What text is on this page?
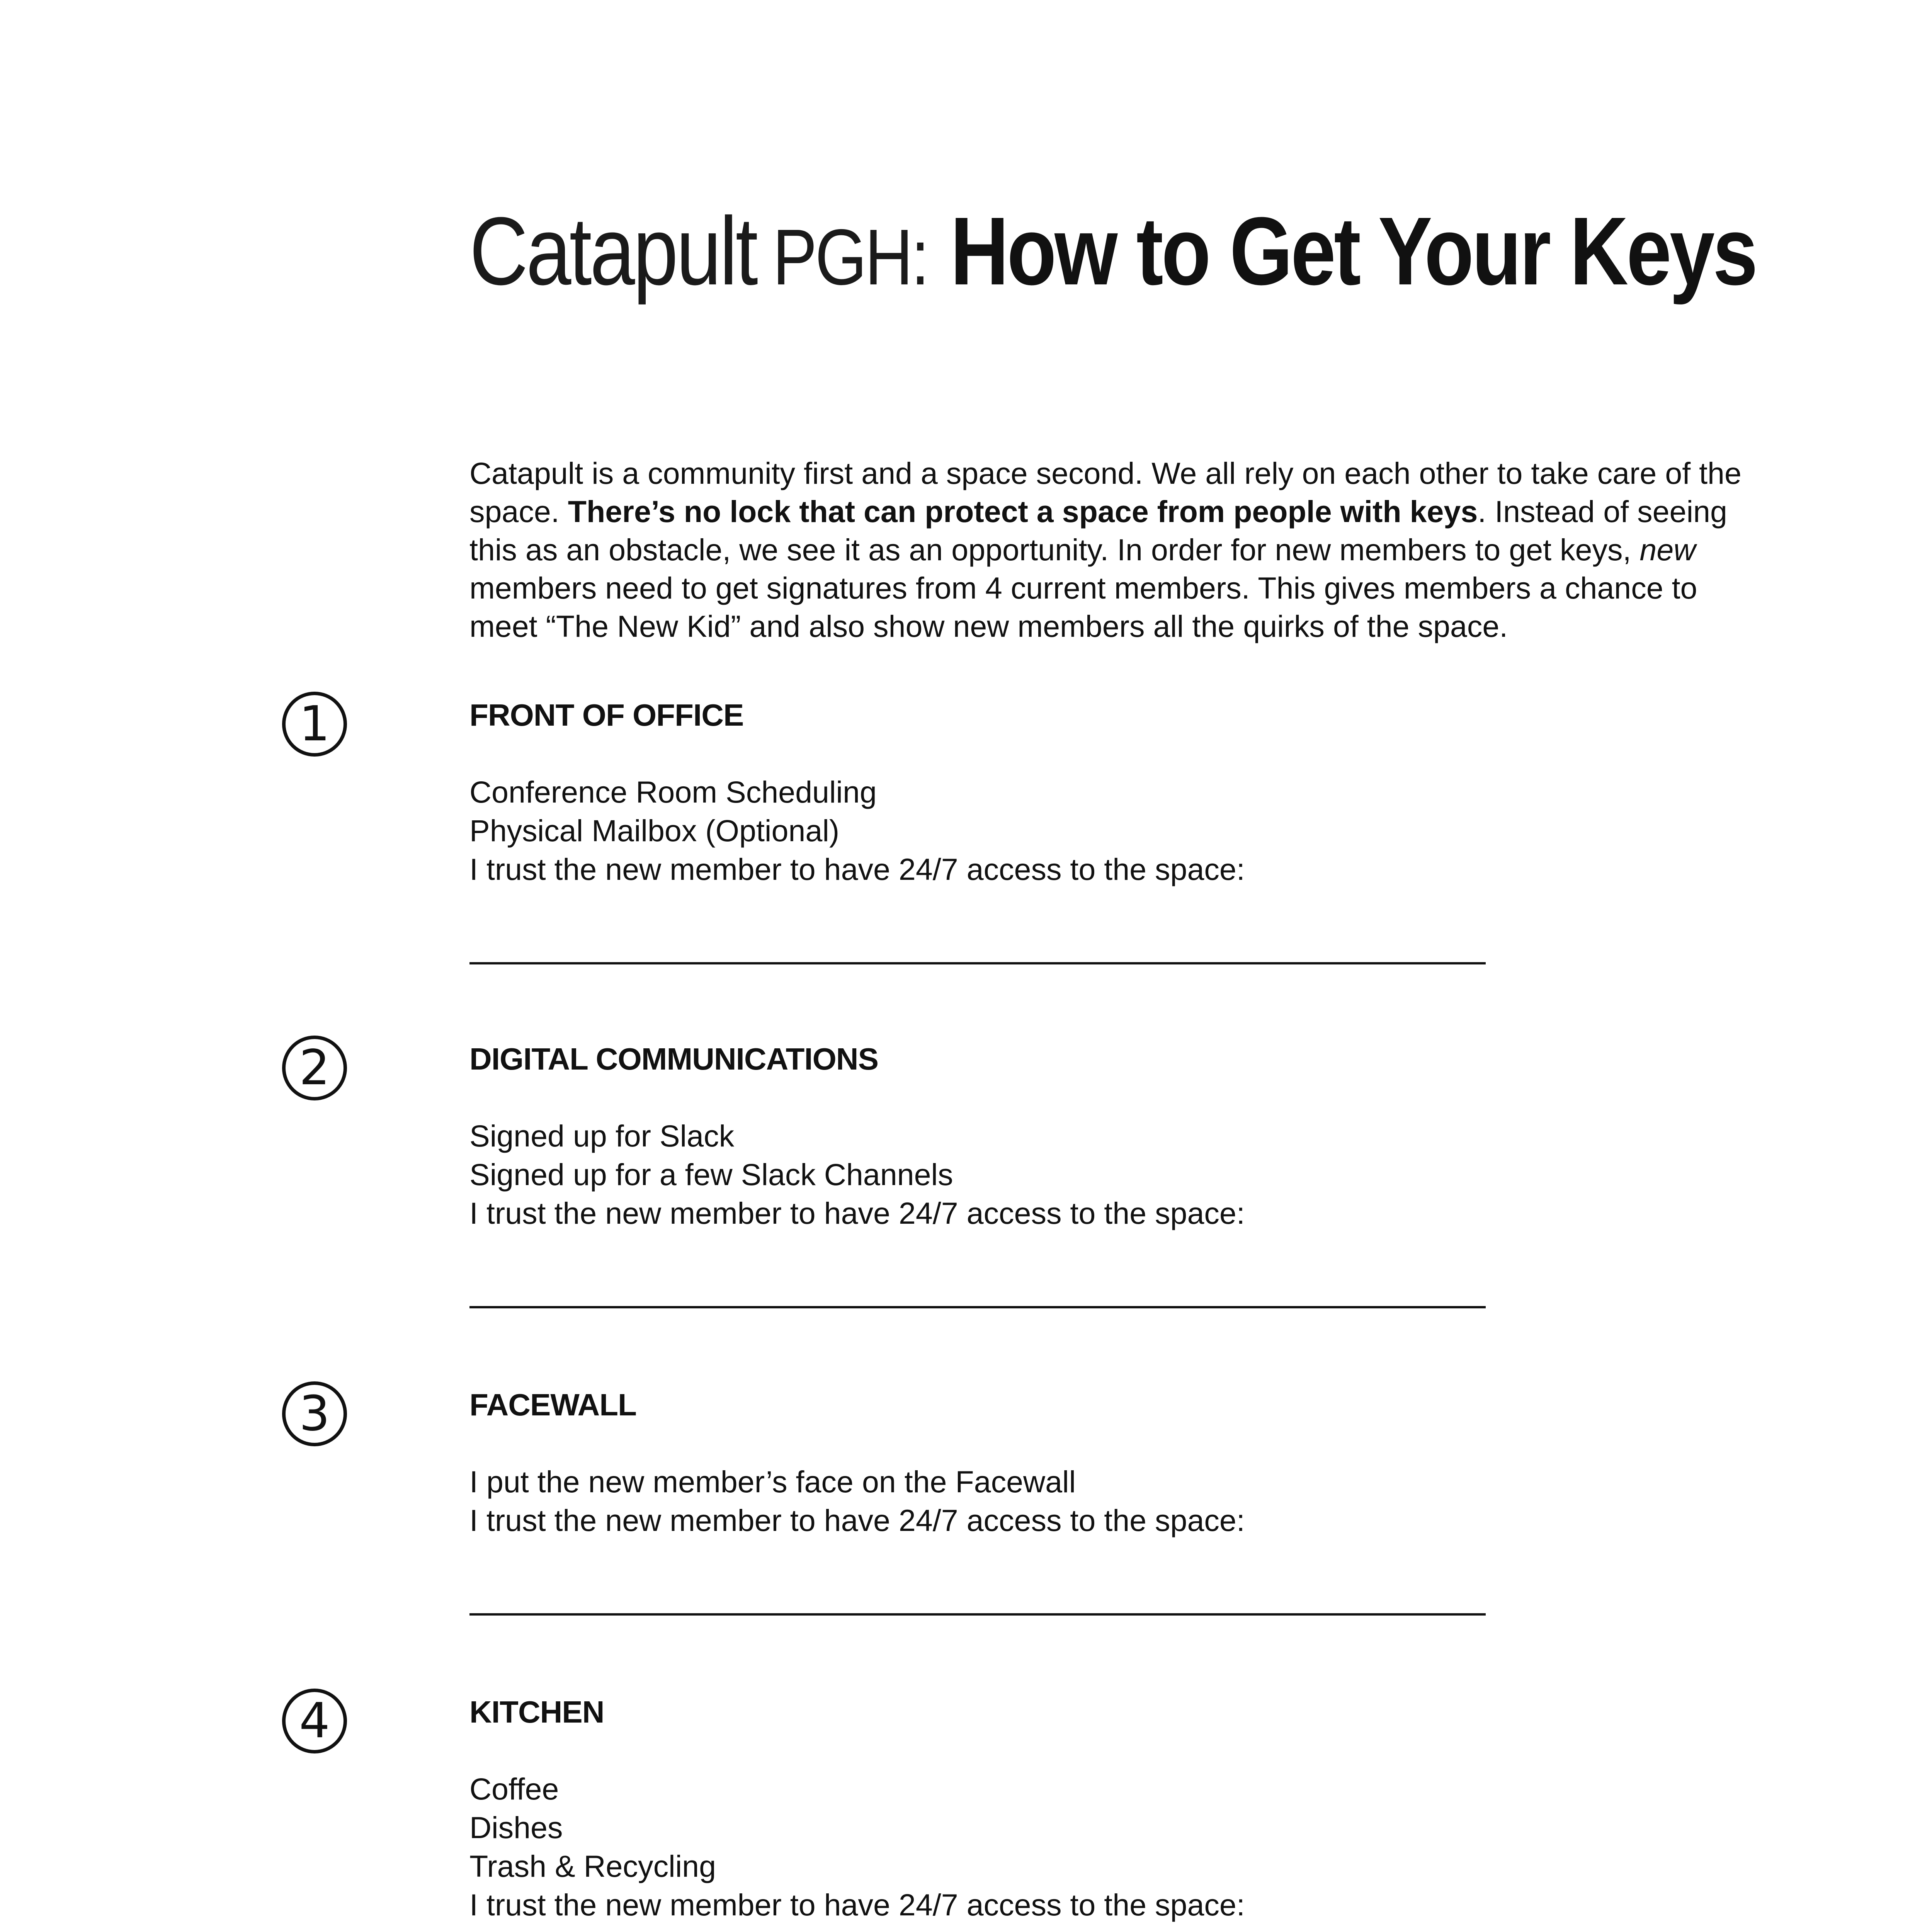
Catapult PGH: How to Get Your Keys
Catapult is a community first and a space second. We all rely on each other to take care of the space. There’s no lock that can protect a space from people with keys. Instead of seeing this as an obstacle, we see it as an opportunity. In order for new members to get keys, new members need to get signatures from 4 current members. This gives members a chance to meet “The New Kid” and also show new members all the quirks of the space.
1	FRONT OF OFFICE
Conference Room Scheduling
Physical Mailbox (Optional)
I trust the new member to have 24/7 access to the space:
2	DIGITAL COMMUNICATIONS
Signed up for Slack
Signed up for a few Slack Channels
I trust the new member to have 24/7 access to the space:
3	FACEWALL
I put the new member’s face on the Facewall
I trust the new member to have 24/7 access to the space:
4	KITCHEN
Coffee
Dishes
Trash & Recycling
I trust the new member to have 24/7 access to the space:
